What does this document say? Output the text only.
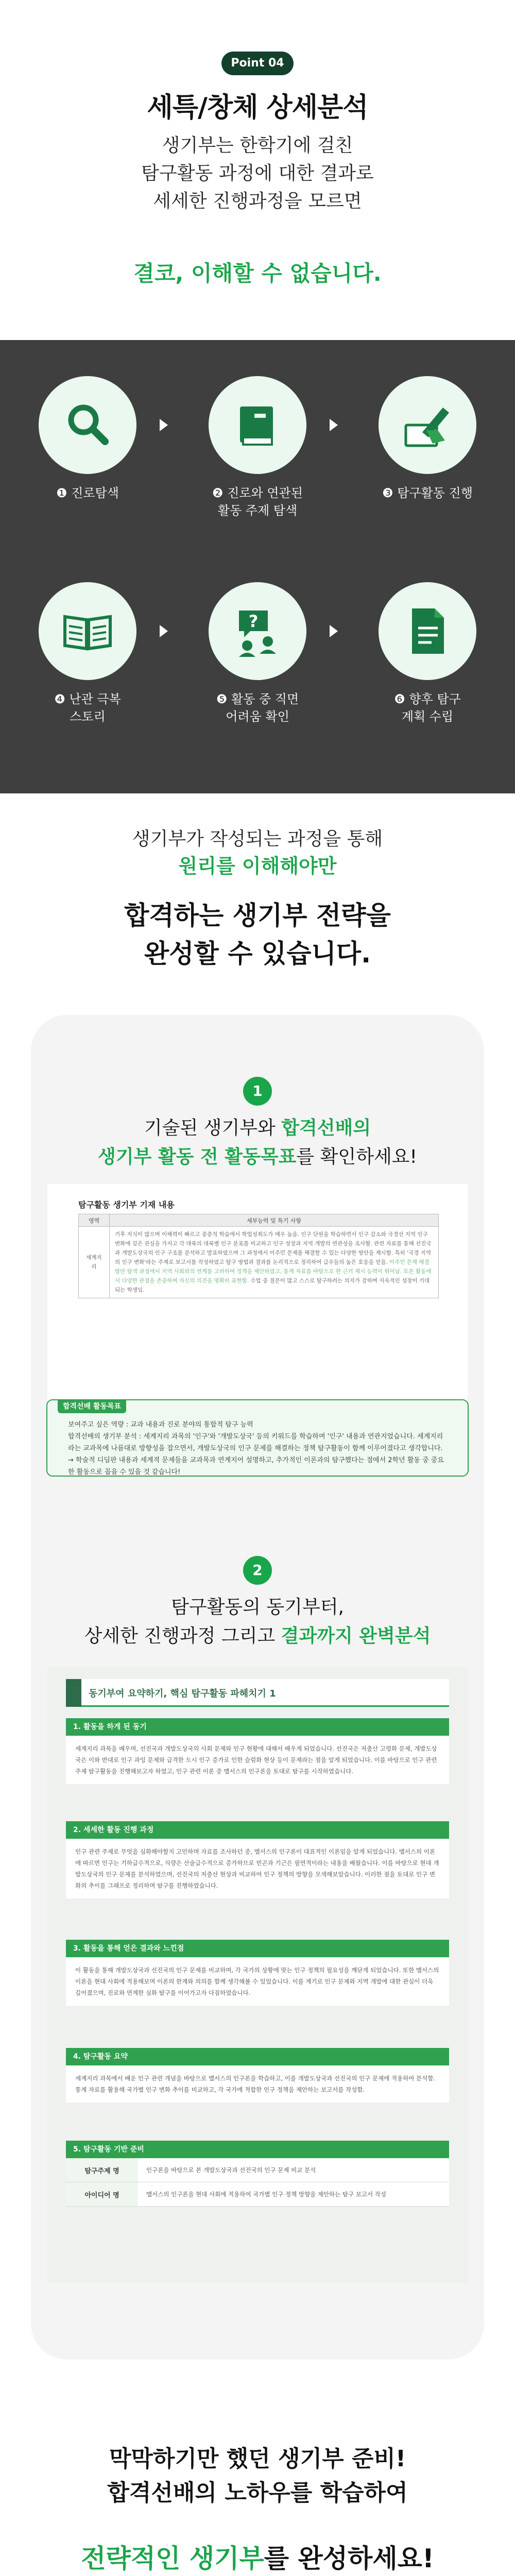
Point 04
세특/창체 상세분석
생기부는 한학기에 걸친
탐구활동 과정에 대한 결과로
세세한 진행과정을 모르면
결코, 이해할 수 없습니다.
❶ 진로탐색	❷ 진로와 연관된
활동 주제 탐색
❸ 탐구활동 진행
❹ 난관 극복
스토리
?
❺ 활동 중 직면
어려움 확인
❻ 향후 탐구
계획 수립
생기부가 작성되는 과정을 통해
원리를 이해해야만
합격하는 생기부 전략을
완성할 수 있습니다.
1
기술된 생기부와 합격선배의
생기부 활동 전 활동목표를 확인하세요!
탐구활동 생기부 기재 내용
영역	세부능력 및 특기 사항
세계지리	기후 지식이 많으며 이해력이 빠르고 중층적 학습에서 학업성취도가 매우 높음. 인구 단원을 학습하면서 인구 감소와 국경선 지역 인구 변화에 깊은 관심을 가지고 각 대륙의 대륙별 인구 분포를 비교하고 인구 성장과 지역 개발의 연관성을 조사함. 관련 자료를 통해 선진국과 개발도상국의 인구 구조를 분석하고 발표하였으며 그 과정에서 이주민 문제를 해결할 수 있는 다양한 방안을 제시함. 특히 '국경 지역의 인구 변화'라는 주제로 보고서를 작성하였고 탐구 방법과 결과를 논리적으로 정리하여 급우들의 높은 호응을 얻음. 이주민 문제 해결 방안 탐색 과정에서 지역 사회와의 연계를 고려하여 정책을 제안하였고, 통계 자료를 바탕으로 한 근거 제시 능력이 뛰어남. 토론 활동에서 다양한 관점을 존중하며 자신의 의견을 명확히 표현함. 수업 중 질문이 많고 스스로 탐구하려는 의지가 강하며 지속적인 성장이 기대되는 학생임.
합격선배 활동목표
보여주고 싶은 역량 : 교과 내용과 진로 분야의 통합적 탐구 능력
합격선배의 생기부 분석 : 세계지리 과목의 '인구'와 '개발도상국' 등의 키워드를 학습하며 '인구' 내용과 연관지었습니다. 세계지리라는 교과목에 나름대로 방향성을 잡으면서, 개발도상국의 인구 문제를 해결하는 정책 탐구활동이 함께 이루어졌다고 생각합니다.
→ 학술적 디딤판 내용과 세계적 문제들을 교과목과 연계지어 설명하고, 추가적인 이론과의 탐구했다는 점에서 2학년 활동 중 중요한 활동으로 꼽을 수 있을 것 같습니다!
2
탐구활동의 동기부터,
상세한 진행과정 그리고 결과까지 완벽분석
동기부여 요약하기, 핵심 탐구활동 파헤치기 1
1. 활동을 하게 된 동기
세계지리 과목을 배우며, 선진국과 개발도상국의 사회 문제와 인구 현황에 대해서 배우게 되었습니다. 선진국은 저출산 고령화 문제, 개발도상국은 이와 반대로 인구 과잉 문제와 급격한 도시 인구 증가로 인한 슬럼화 현상 등이 문제라는 점을 알게 되었습니다. 이를 바탕으로 인구 관련 주제 탐구활동을 진행해보고자 하였고, 인구 관련 이론 중 맬서스의 인구론을 토대로 탐구를 시작하였습니다.
2. 세세한 활동 진행 과정
인구 관련 주제로 무엇을 심화해야할지 고민하며 자료를 조사하던 중, 맬서스의 인구론이 대표적인 이론임을 알게 되었습니다. 맬서스의 이론에 따르면 인구는 기하급수적으로, 식량은 산술급수적으로 증가하므로 빈곤과 기근은 필연적이라는 내용을 배웠습니다. 이를 바탕으로 현대 개발도상국의 인구 문제를 분석하였으며, 선진국의 저출산 현상과 비교하여 인구 정책의 방향을 모색해보았습니다. 이러한 점을 토대로 인구 변화의 추이를 그래프로 정리하며 탐구를 진행하였습니다.
3. 활동을 통해 얻은 결과와 느낀점
이 활동을 통해 개발도상국과 선진국의 인구 문제를 비교하며, 각 국가의 상황에 맞는 인구 정책의 필요성을 깨닫게 되었습니다. 또한 맬서스의 이론을 현대 사회에 적용해보며 이론의 한계와 의의를 함께 생각해볼 수 있었습니다. 이를 계기로 인구 문제와 지역 개발에 대한 관심이 더욱 깊어졌으며, 진로와 연계한 심화 탐구를 이어가고자 다짐하였습니다.
4. 탐구활동 요약
세계지리 과목에서 배운 인구 관련 개념을 바탕으로 맬서스의 인구론을 학습하고, 이를 개발도상국과 선진국의 인구 문제에 적용하여 분석함. 통계 자료를 활용해 국가별 인구 변화 추이를 비교하고, 각 국가에 적합한 인구 정책을 제안하는 보고서를 작성함.
5. 탐구활동 기반 준비
탐구주제 명	인구론을 바탕으로 본 개발도상국과 선진국의 인구 문제 비교 분석
아이디어 명	맬서스의 인구론을 현대 사회에 적용하여 국가별 인구 정책 방향을 제안하는 탐구 보고서 작성
막막하기만 했던 생기부 준비!
합격선배의 노하우를 학습하여
전략적인 생기부를 완성하세요!
